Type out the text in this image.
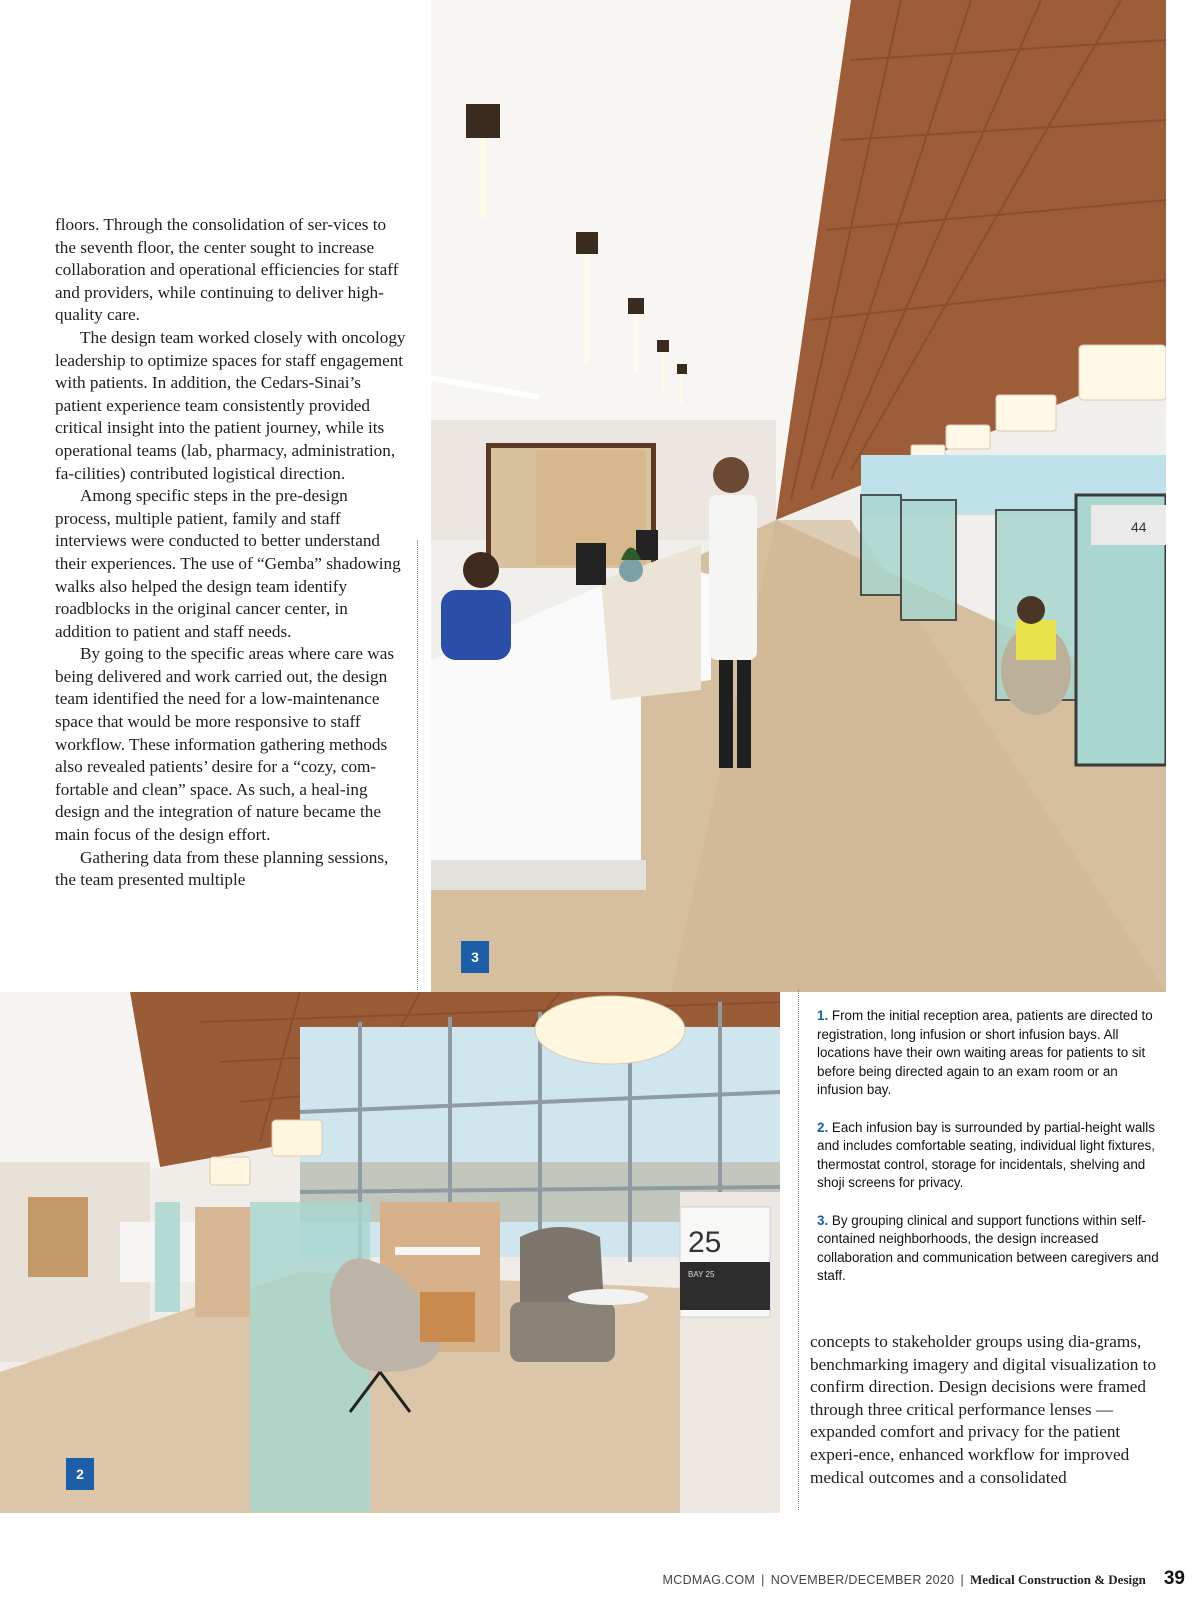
44
3
25
BAY 25
2

floors. Through the consolidation of ser-vices to the seventh floor, the center sought to increase collaboration and operational efficiencies for staff and providers, while continuing to deliver high-quality care.

The design team worked closely with oncology leadership to optimize spaces for staff engagement with patients. In addition, the Cedars-Sinai’s patient experience team consistently provided critical insight into the patient journey, while its operational teams (lab, pharmacy, administration, fa-cilities) contributed logistical direction.

Among specific steps in the pre-design process, multiple patient, family and staff interviews were conducted to better understand their experiences. The use of “Gemba” shadowing walks also helped the design team identify roadblocks in the original cancer center, in addition to patient and staff needs.

By going to the specific areas where care was being delivered and work carried out, the design team identified the need for a low-maintenance space that would be more responsive to staff workflow. These information gathering methods also revealed patients’ desire for a “cozy, com-fortable and clean” space. As such, a heal-ing design and the integration of nature became the main focus of the design effort.

Gathering data from these planning sessions, the team presented multiple

1. From the initial reception area, patients are directed to registration, long infusion or short infusion bays. All locations have their own waiting areas for patients to sit before being directed again to an exam room or an infusion bay.
2. Each infusion bay is surrounded by partial-height walls and includes comfortable seating, individual light fixtures, thermostat control, storage for incidentals, shelving and shoji screens for privacy.
3. By grouping clinical and support functions within self-contained neighborhoods, the design increased collaboration and communication between caregivers and staff.

concepts to stakeholder groups using dia-grams, benchmarking imagery and digital visualization to confirm direction. Design decisions were framed through three critical performance lenses — expanded comfort and privacy for the patient experi-ence, enhanced workflow for improved medical outcomes and a consolidated

MCDMAG.COM | NOVEMBER/DECEMBER 2020 | Medical Construction & Design 39
